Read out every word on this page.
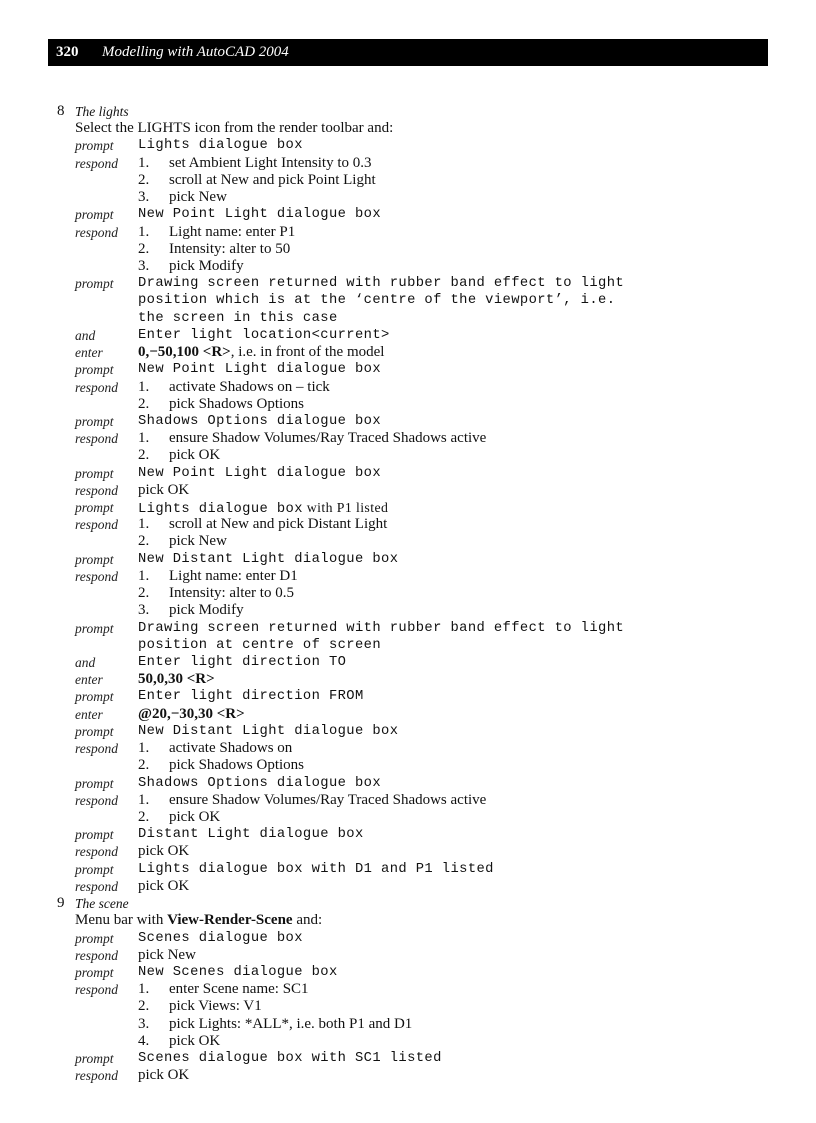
320	Modelling with AutoCAD 2004
8 The lights
Select the LIGHTS icon from the render toolbar and:
prompt Lights dialogue box
respond 1. set Ambient Light Intensity to 0.3
2. scroll at New and pick Point Light
3. pick New
prompt New Point Light dialogue box
respond 1. Light name: enter P1
2. Intensity: alter to 50
3. pick Modify
prompt Drawing screen returned with rubber band effect to light
position which is at the ‘centre of the viewport’, i.e.
the screen in this case
and	Enter light location<current>
enter 0,−50,100 <R>, i.e. in front of the model
prompt New Point Light dialogue box
respond 1. activate Shadows on – tick
2. pick Shadows Options
prompt Shadows Options dialogue box
respond 1. ensure Shadow Volumes/Ray Traced Shadows active
2. pick OK
prompt New Point Light dialogue box
respond pick OK
prompt Lights dialogue box with P1 listed
respond 1. scroll at New and pick Distant Light
2. pick New
prompt New Distant Light dialogue box
respond 1. Light name: enter D1
2. Intensity: alter to 0.5
3. pick Modify
prompt Drawing screen returned with rubber band effect to light
position at centre of screen
and	Enter light direction TO
enter 50,0,30 <R>
prompt Enter light direction FROM
enter @20,−30,30 <R>
prompt New Distant Light dialogue box
respond 1. activate Shadows on
2. pick Shadows Options
prompt Shadows Options dialogue box
respond 1. ensure Shadow Volumes/Ray Traced Shadows active
2. pick OK
prompt Distant Light dialogue box
respond pick OK
prompt Lights dialogue box with D1 and P1 listed
respond pick OK
9 The scene
Menu bar with View-Render-Scene and:
prompt Scenes dialogue box
respond pick New
prompt New Scenes dialogue box
respond 1. enter Scene name: SC1
2. pick Views: V1
3. pick Lights: *ALL*, i.e. both P1 and D1
4. pick OK
prompt Scenes dialogue box with SC1 listed
respond pick OK
